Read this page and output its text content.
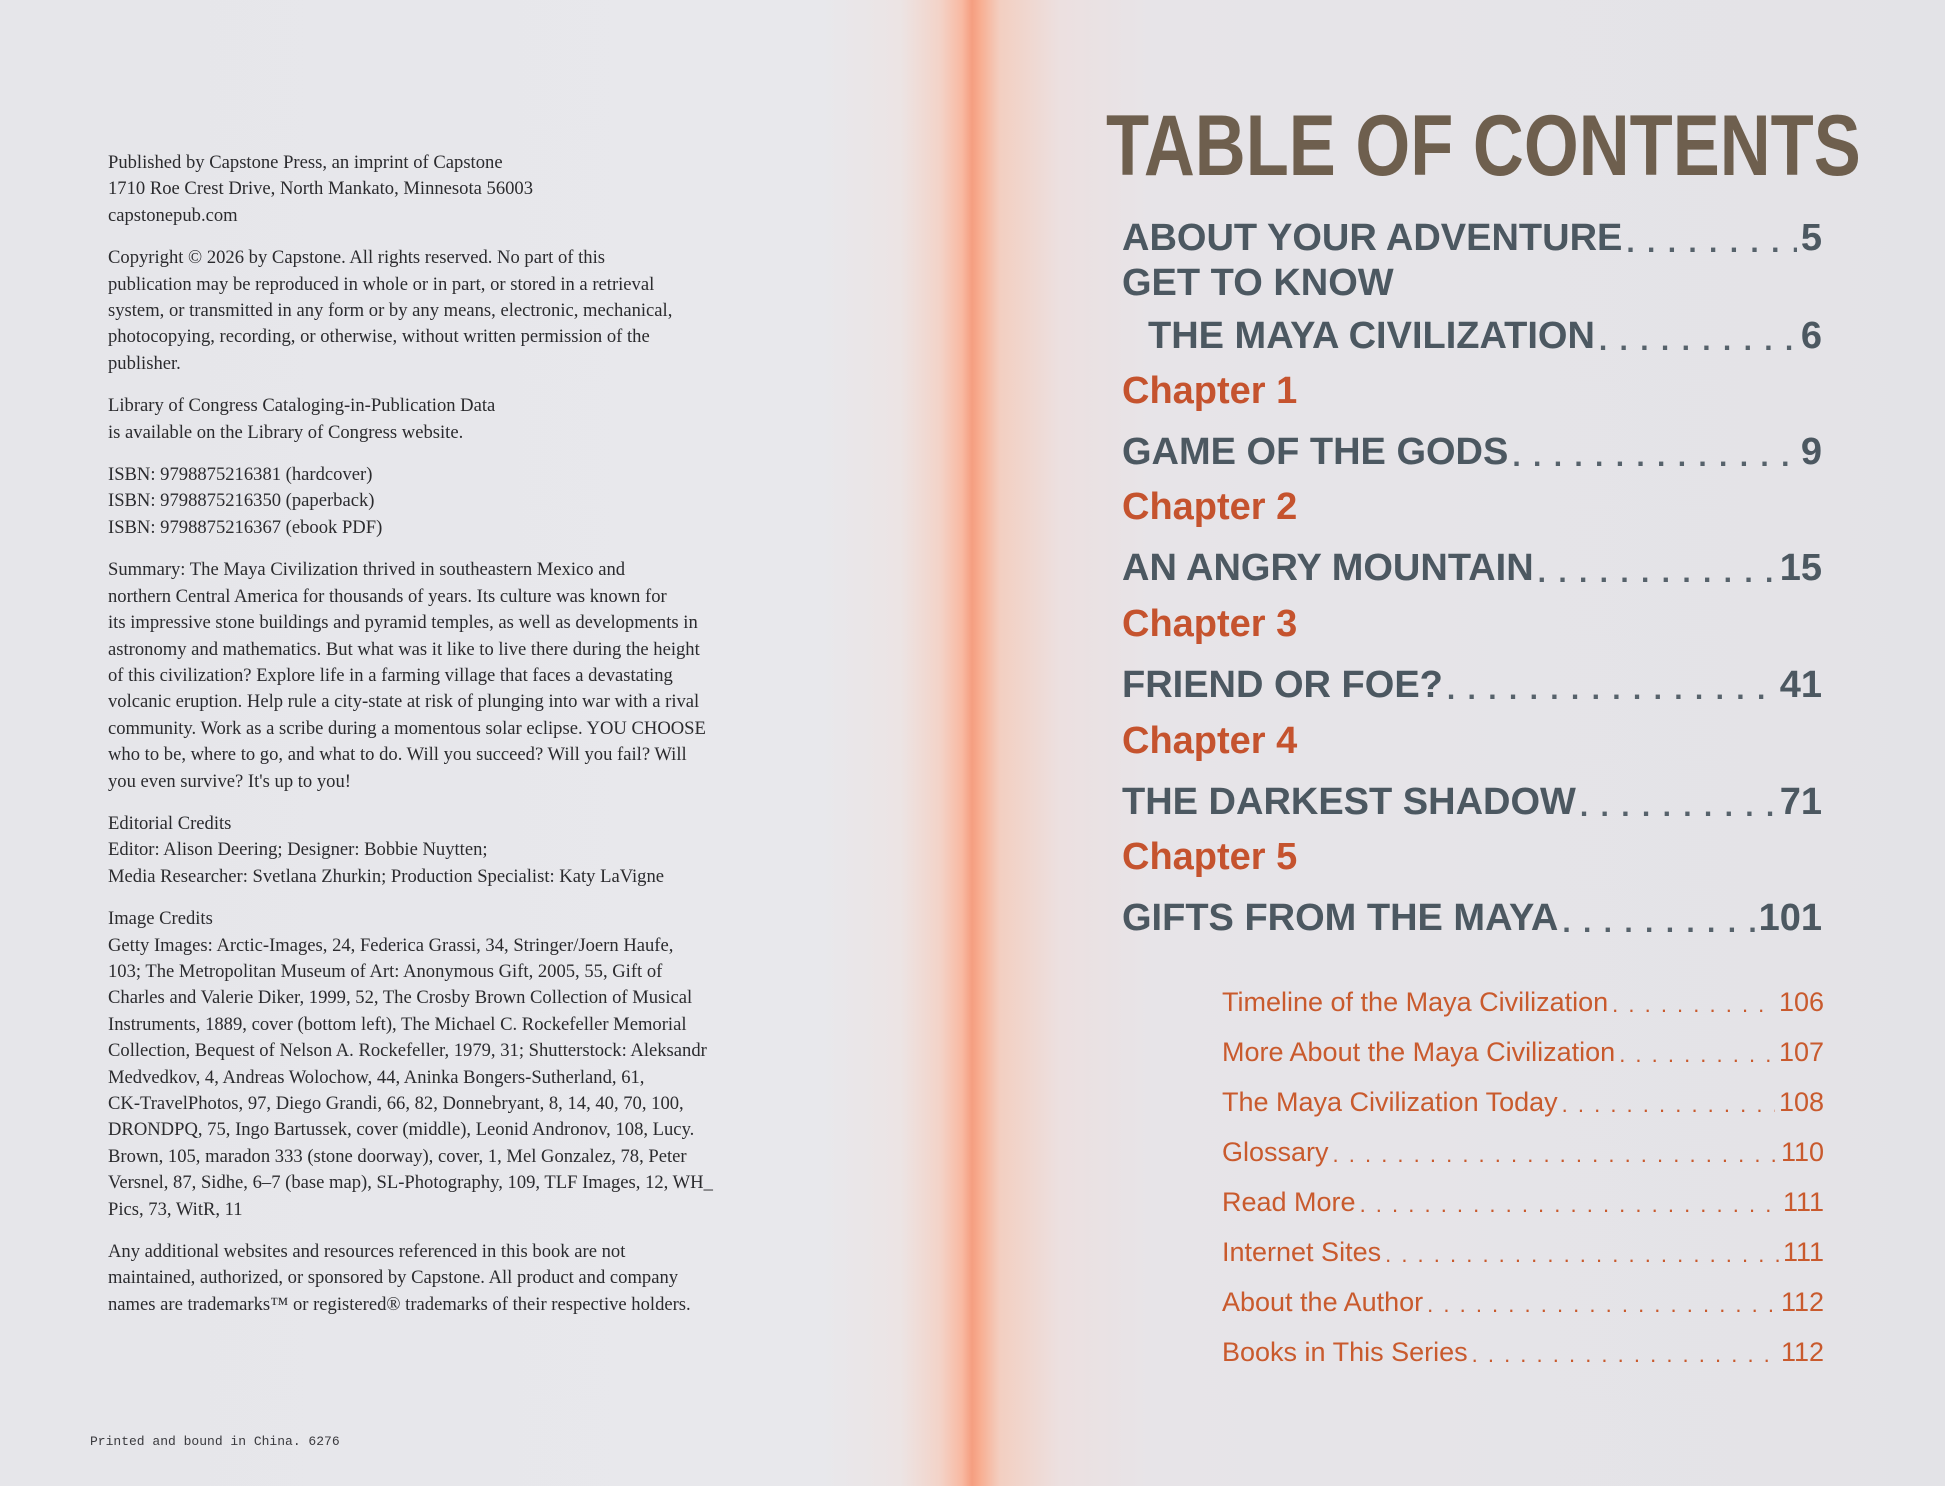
Published by Capstone Press, an imprint of Capstone
1710 Roe Crest Drive, North Mankato, Minnesota 56003
capstonepub.com

Copyright © 2026 by Capstone. All rights reserved. No part of this
publication may be reproduced in whole or in part, or stored in a retrieval
system, or transmitted in any form or by any means, electronic, mechanical,
photocopying, recording, or otherwise, without written permission of the
publisher.

Library of Congress Cataloging-in-Publication Data
is available on the Library of Congress website.

ISBN: 9798875216381 (hardcover)
ISBN: 9798875216350 (paperback)
ISBN: 9798875216367 (ebook PDF)

Summary: The Maya Civilization thrived in southeastern Mexico and
northern Central America for thousands of years. Its culture was known for
its impressive stone buildings and pyramid temples, as well as developments in
astronomy and mathematics. But what was it like to live there during the height
of this civilization? Explore life in a farming village that faces a devastating
volcanic eruption. Help rule a city-state at risk of plunging into war with a rival
community. Work as a scribe during a momentous solar eclipse. YOU CHOOSE
who to be, where to go, and what to do. Will you succeed? Will you fail? Will
you even survive? It's up to you!

Editorial Credits
Editor: Alison Deering; Designer: Bobbie Nuytten;
Media Researcher: Svetlana Zhurkin; Production Specialist: Katy LaVigne

Image Credits
Getty Images: Arctic-Images, 24, Federica Grassi, 34, Stringer/Joern Haufe,
103; The Metropolitan Museum of Art: Anonymous Gift, 2005, 55, Gift of
Charles and Valerie Diker, 1999, 52, The Crosby Brown Collection of Musical
Instruments, 1889, cover (bottom left), The Michael C. Rockefeller Memorial
Collection, Bequest of Nelson A. Rockefeller, 1979, 31; Shutterstock: Aleksandr
Medvedkov, 4, Andreas Wolochow, 44, Aninka Bongers-Sutherland, 61,
CK-TravelPhotos, 97, Diego Grandi, 66, 82, Donnebryant, 8, 14, 40, 70, 100,
DRONDPQ, 75, Ingo Bartussek, cover (middle), Leonid Andronov, 108, Lucy.
Brown, 105, maradon 333 (stone doorway), cover, 1, Mel Gonzalez, 78, Peter
Versnel, 87, Sidhe, 6–7 (base map), SL-Photography, 109, TLF Images, 12, WH_
Pics, 73, WitR, 11

Any additional websites and resources referenced in this book are not
maintained, authorized, or sponsored by Capstone. All product and company
names are trademarks™ or registered® trademarks of their respective holders.

Printed and bound in China. 6276
TABLE OF CONTENTS
ABOUT YOUR ADVENTURE . . .	5
GET TO KNOW
THE MAYA CIVILIZATION . . .	6
Chapter 1
GAME OF THE GODS . . .	9
Chapter 2
AN ANGRY MOUNTAIN . . .	15
Chapter 3
FRIEND OR FOE? . . .	41
Chapter 4
THE DARKEST SHADOW . . .	71
Chapter 5
GIFTS FROM THE MAYA . . .	101
Timeline of the Maya Civilization . . .	106
More About the Maya Civilization . . .	107
The Maya Civilization Today . . .	108
Glossary . . .	110
Read More . . .	111
Internet Sites . . .	111
About the Author . . .	112
Books in This Series . . .	112
